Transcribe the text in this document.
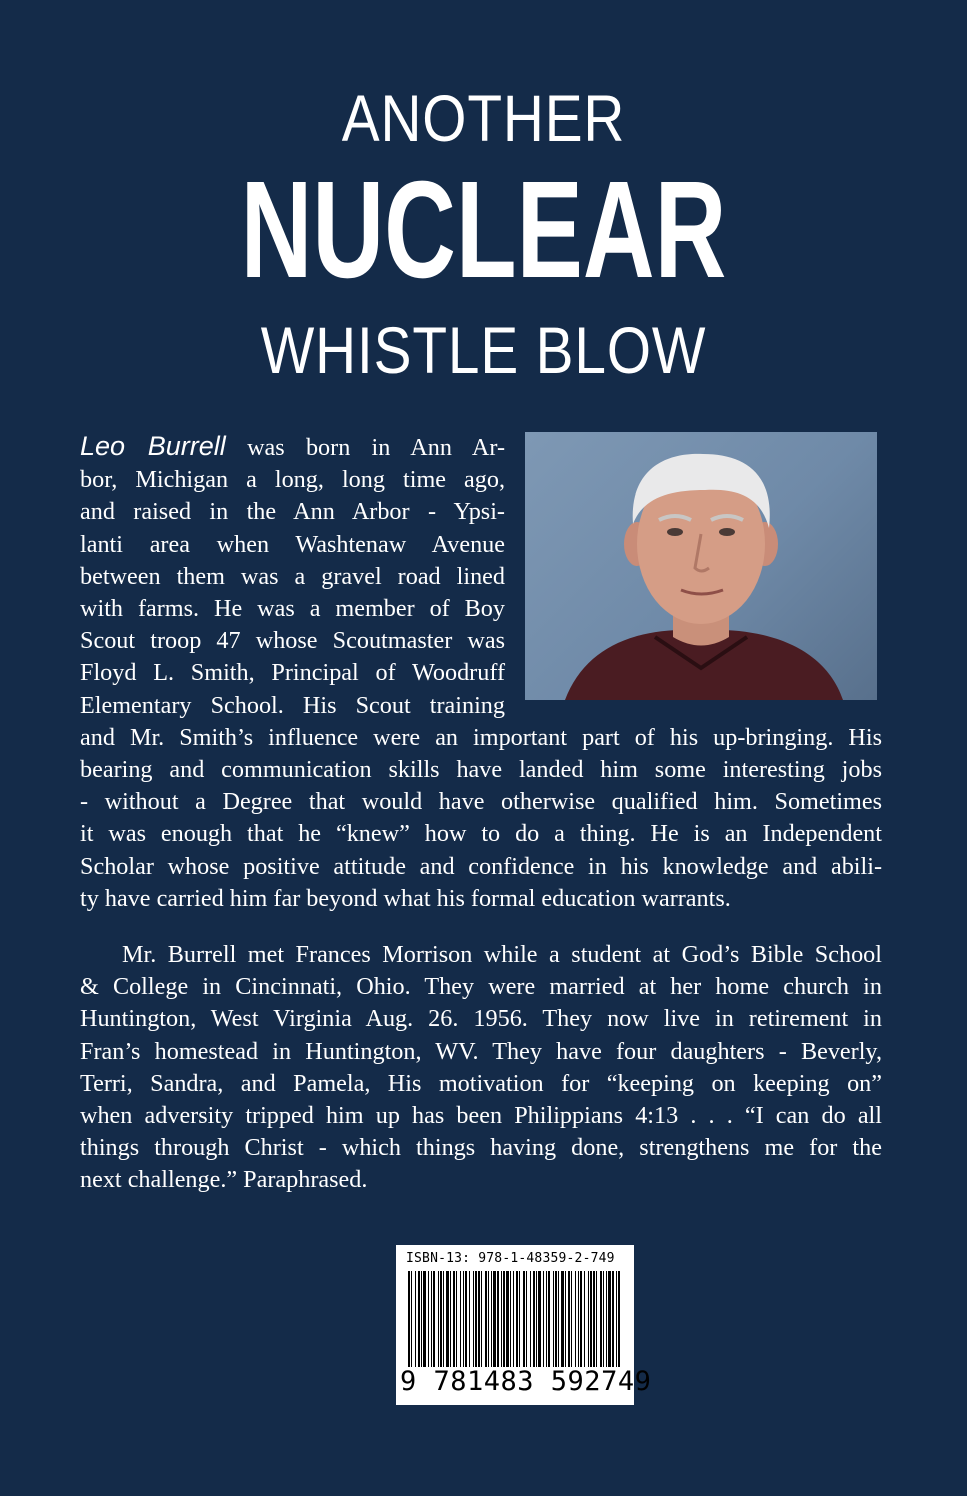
ANOTHER
NUCLEAR
WHISTLE BLOW
Leo Burrell was born in Ann Ar-
bor, Michigan a long, long time ago,
and raised in the Ann Arbor - Ypsi-
lanti area when Washtenaw Avenue
between them was a gravel road lined
with farms. He was a member of Boy
Scout troop 47 whose Scoutmaster was
Floyd L. Smith, Principal of Woodruff
Elementary School. His Scout training
and Mr. Smith’s influence were an important part of his up-bringing. His
bearing and communication skills have landed him some interesting jobs
- without a Degree that would have otherwise qualified him. Sometimes
it was enough that he “knew” how to do a thing. He is an Independent
Scholar whose positive attitude and confidence in his knowledge and abili-
ty have carried him far beyond what his formal education warrants.
Mr. Burrell met Frances Morrison while a student at God’s Bible School
& College in Cincinnati, Ohio. They were married at her home church in
Huntington, West Virginia Aug. 26. 1956. They now live in retirement in
Fran’s homestead in Huntington, WV. They have four daughters - Beverly,
Terri, Sandra, and Pamela, His motivation for “keeping on keeping on”
when adversity tripped him up has been Philippians 4:13 . . . “I can do all
things through Christ - which things having done, strengthens me for the
next challenge.” Paraphrased.
ISBN-13: 978-1-48359-2-749
9 781483 592749
